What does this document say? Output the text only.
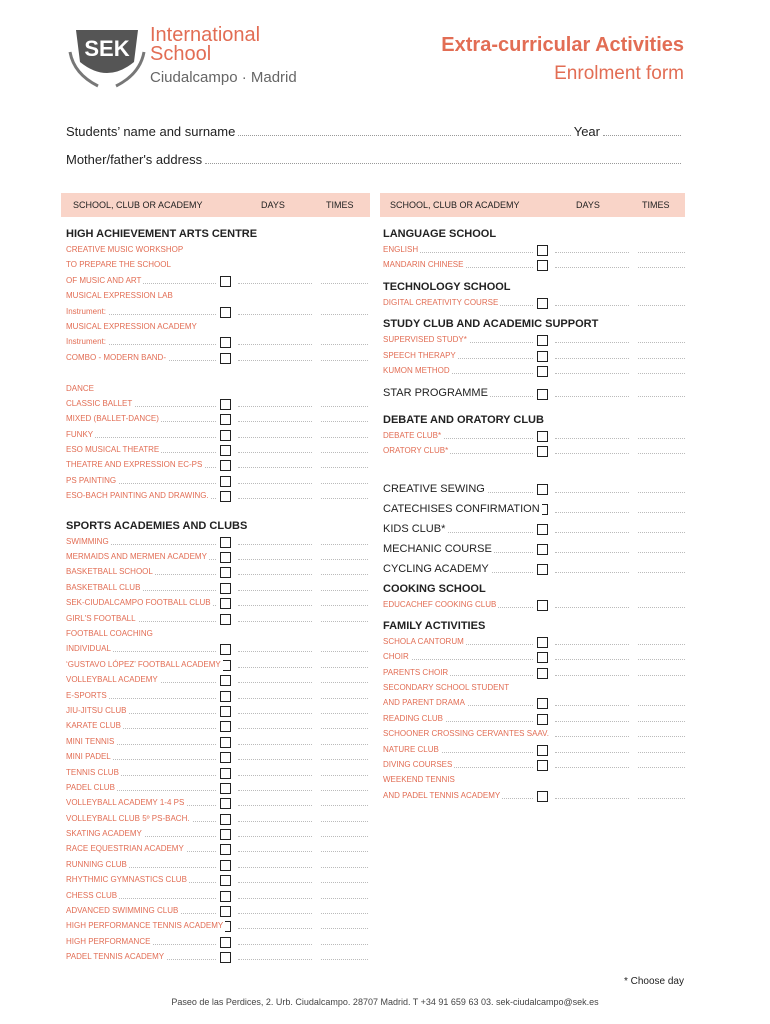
SEK
International
School
Ciudalcampo · Madrid
Extra-curricular Activities
Enrolment form
Students’ name and surname	Year
Mother/father's address
SCHOOL, CLUB OR ACADEMY	DAYS	TIMES	SCHOOL, CLUB OR ACADEMY	DAYS	TIMES
HIGH ACHIEVEMENT ARTS CENTRE
CREATIVE MUSIC WORKSHOP
TO PREPARE THE SCHOOL
OF MUSIC AND ART
MUSICAL EXPRESSION LAB
Instrument:
MUSICAL EXPRESSION ACADEMY
Instrument:
COMBO - MODERN BAND-
DANCE
CLASSIC BALLET
MIXED (BALLET-DANCE)
FUNKY
ESO MUSICAL THEATRE
THEATRE AND EXPRESSION EC-PS
PS PAINTING
ESO-BACH PAINTING AND DRAWING.
SPORTS ACADEMIES AND CLUBS
SWIMMING
MERMAIDS AND MERMEN ACADEMY
BASKETBALL SCHOOL
BASKETBALL CLUB
SEK-CIUDALCAMPO FOOTBALL CLUB
GIRL'S FOOTBALL
FOOTBALL COACHING
INDIVIDUAL
‘GUSTAVO LÓPEZ’ FOOTBALL ACADEMY
VOLLEYBALL ACADEMY
E-SPORTS
JIU-JITSU CLUB
KARATE CLUB
MINI TENNIS
MINI PADEL
TENNIS CLUB
PADEL CLUB
VOLLEYBALL ACADEMY 1-4 PS
VOLLEYBALL CLUB 5º PS-BACH.
SKATING ACADEMY
RACE EQUESTRIAN ACADEMY
RUNNING CLUB
RHYTHMIC GYMNASTICS CLUB
CHESS CLUB
ADVANCED SWIMMING CLUB
HIGH PERFORMANCE TENNIS ACADEMY
HIGH PERFORMANCE
PADEL TENNIS ACADEMY
LANGUAGE SCHOOL
ENGLISH
MANDARIN CHINESE
TECHNOLOGY SCHOOL
DIGITAL CREATIVITY COURSE
STUDY CLUB AND ACADEMIC SUPPORT
SUPERVISED STUDY*
SPEECH THERAPY
KUMON METHOD
STAR PROGRAMME
DEBATE AND ORATORY CLUB
DEBATE CLUB*
ORATORY CLUB*
CREATIVE SEWING
CATECHISES CONFIRMATION
KIDS CLUB*
MECHANIC COURSE
CYCLING ACADEMY
COOKING SCHOOL
EDUCACHEF COOKING CLUB
FAMILY ACTIVITIES
SCHOLA CANTORUM
CHOIR
PARENTS CHOIR
SECONDARY SCHOOL STUDENT
AND PARENT DRAMA
READING CLUB
SCHOONER CROSSING CERVANTES SAAV.
NATURE CLUB
DIVING COURSES
WEEKEND TENNIS
AND PADEL TENNIS ACADEMY
* Choose day
Paseo de las Perdices, 2. Urb. Ciudalcampo. 28707 Madrid. T +34 91 659 63 03. sek-ciudalcampo@sek.es
